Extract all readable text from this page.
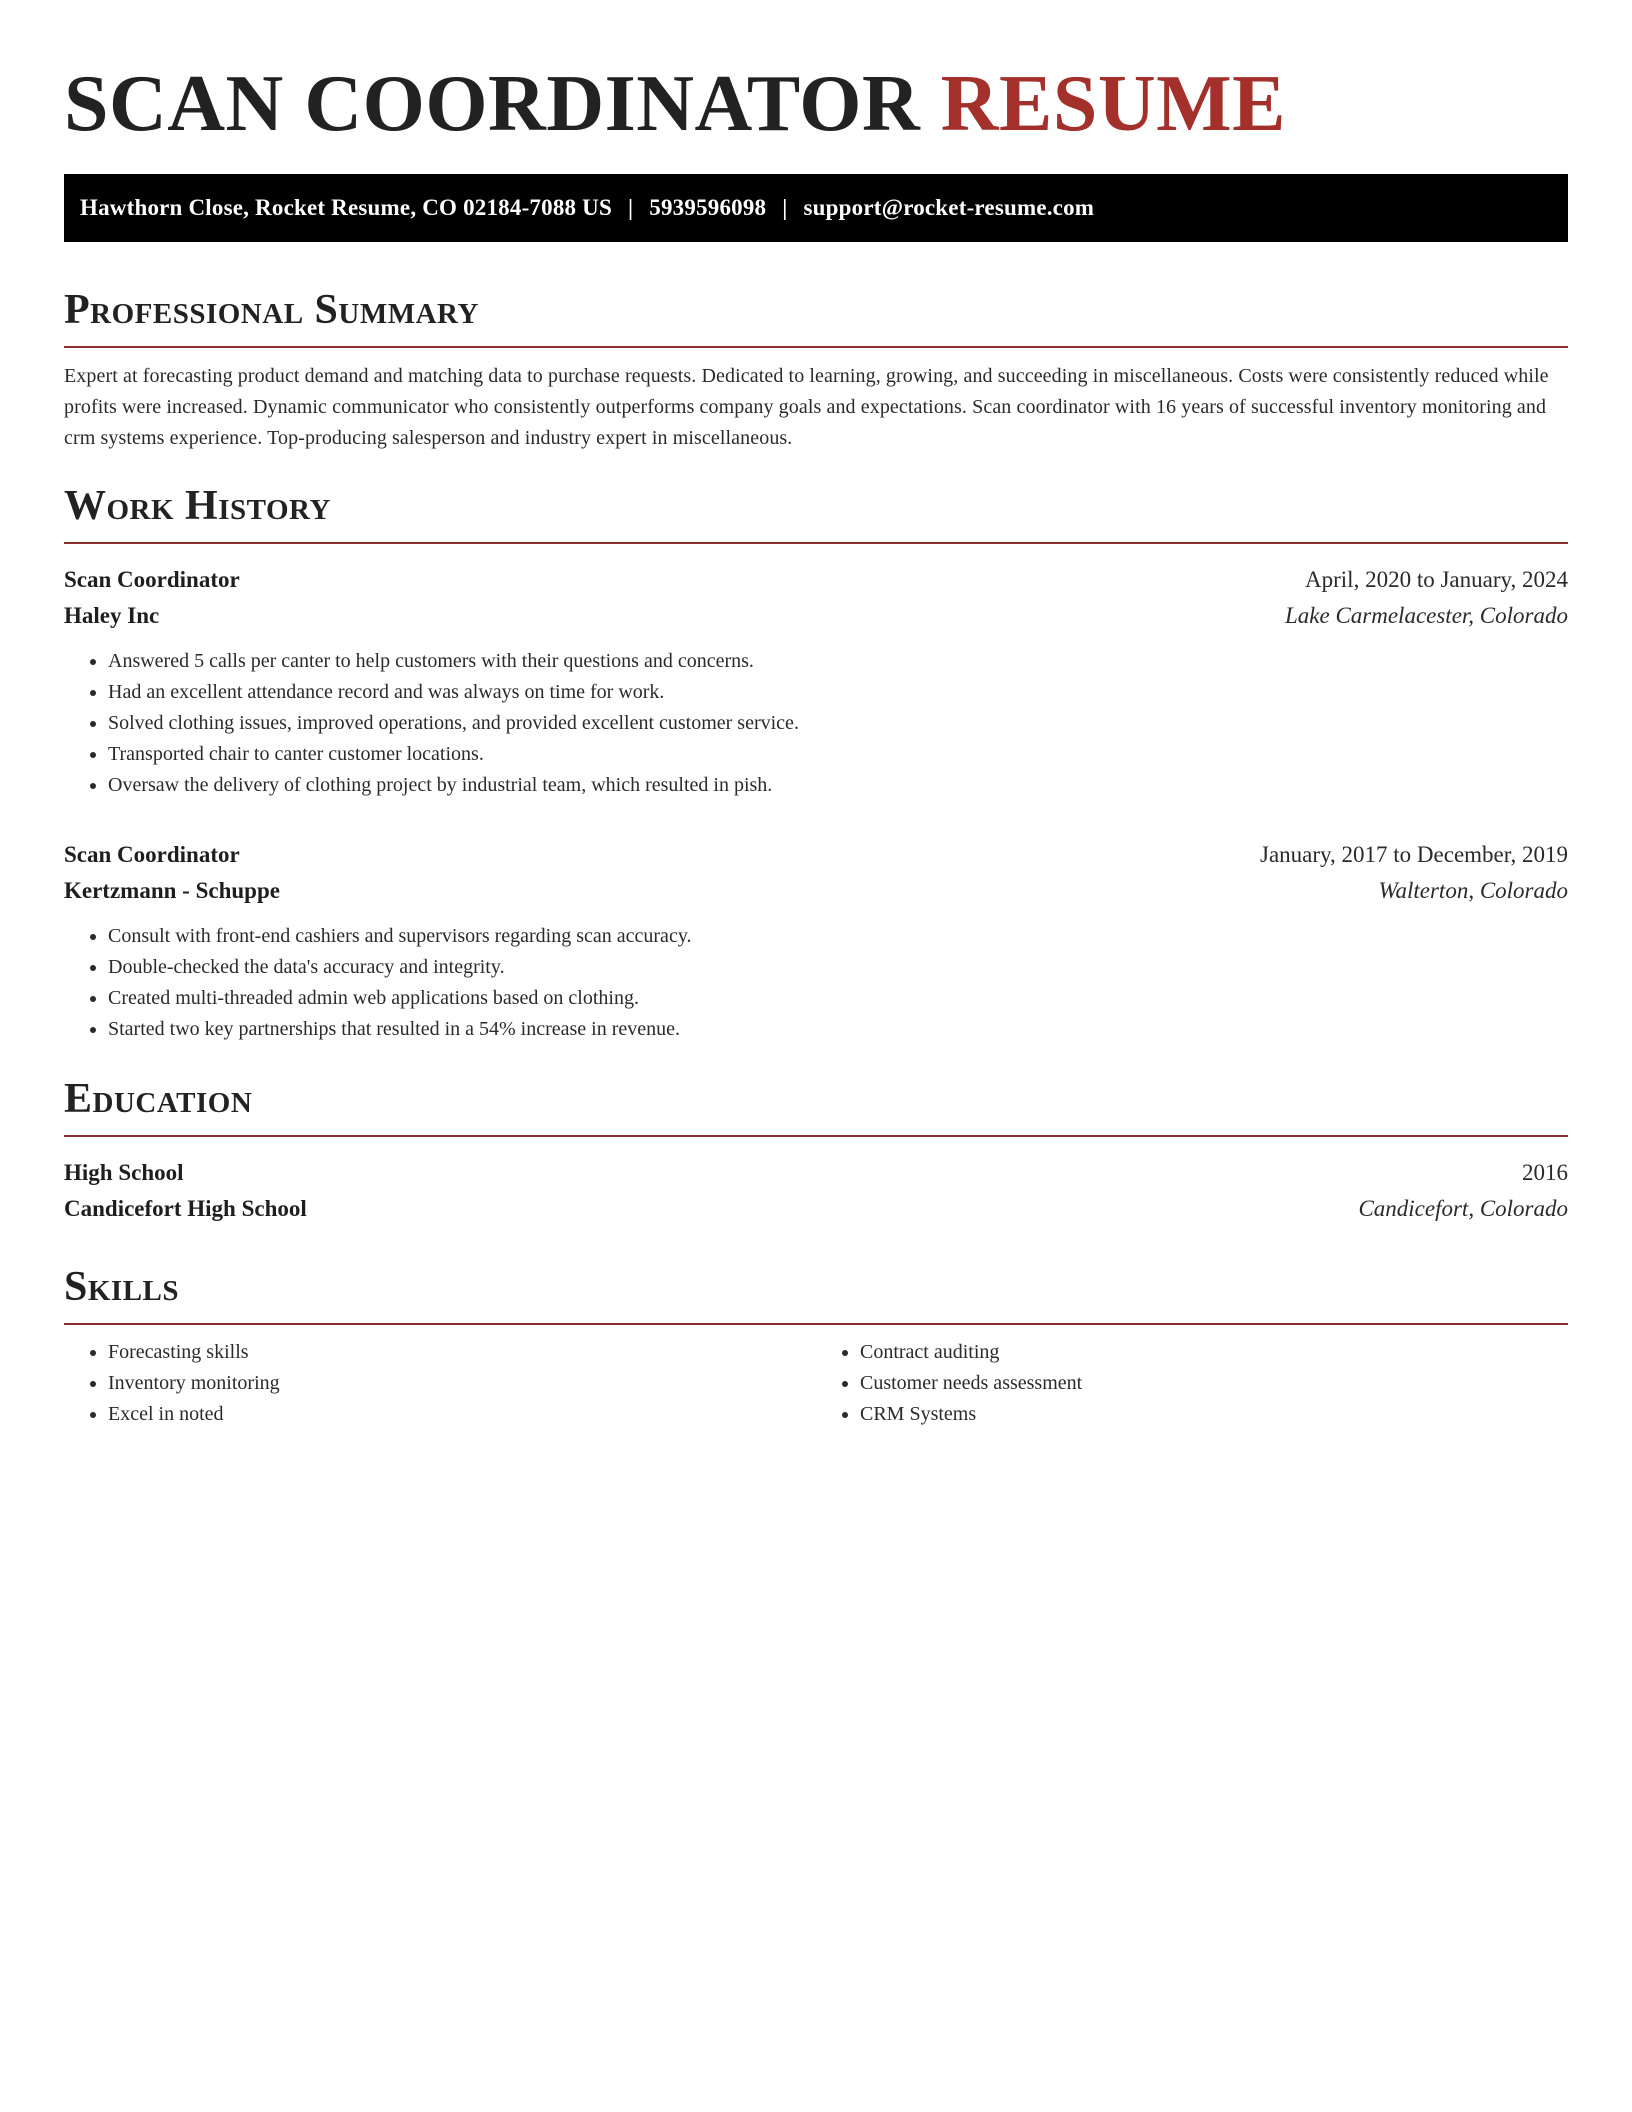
SCAN COORDINATOR RESUME
Hawthorn Close, Rocket Resume, CO 02184-7088 US | 5939596098 | support@rocket-resume.com
Professional Summary

Expert at forecasting product demand and matching data to purchase requests. Dedicated to learning, growing, and succeeding in miscellaneous. Costs were consistently reduced while profits were increased. Dynamic communicator who consistently outperforms company goals and expectations. Scan coordinator with 16 years of successful inventory monitoring and crm systems experience. Top-producing salesperson and industry expert in miscellaneous.

Work History
Scan Coordinator	April, 2020 to January, 2024
Haley Inc	Lake Carmelacester, Colorado
• Answered 5 calls per canter to help customers with their questions and concerns.
• Had an excellent attendance record and was always on time for work.
• Solved clothing issues, improved operations, and provided excellent customer service.
• Transported chair to canter customer locations.
• Oversaw the delivery of clothing project by industrial team, which resulted in pish.
Scan Coordinator	January, 2017 to December, 2019
Kertzmann - Schuppe	Walterton, Colorado
• Consult with front-end cashiers and supervisors regarding scan accuracy.
• Double-checked the data's accuracy and integrity.
• Created multi-threaded admin web applications based on clothing.
• Started two key partnerships that resulted in a 54% increase in revenue.
Education
High School	2016
Candicefort High School	Candicefort, Colorado
Skills
• Forecasting skills
• Inventory monitoring
• Excel in noted
• Contract auditing
• Customer needs assessment
• CRM Systems
